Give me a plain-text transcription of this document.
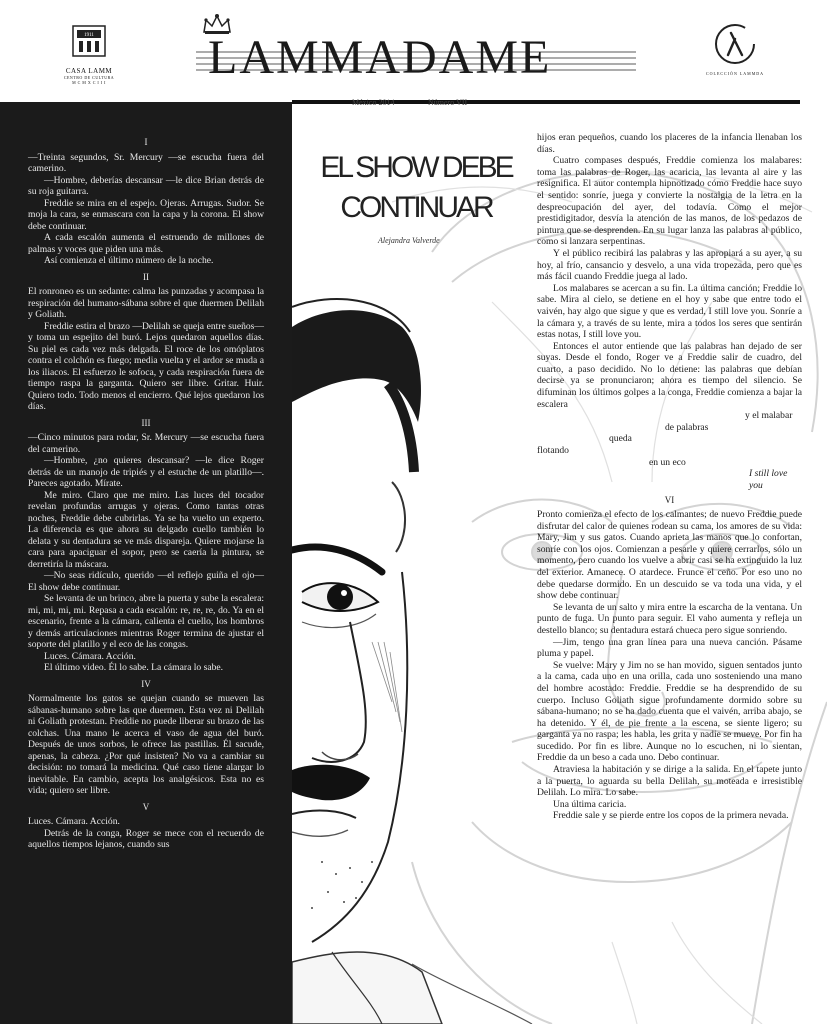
1911
CASA LAMM
CENTRO DE CULTURA
M C M X C I I I	LAMMADAME	COLECCIÓN LAMMDA
México 2014	Número VII

I

—Treinta segundos, Sr. Mercury —se escucha fuera del camerino.

—Hombre, deberías descansar —le dice Brian detrás de su roja guitarra.

Freddie se mira en el espejo. Ojeras. Arrugas. Sudor. Se moja la cara, se enmascara con la capa y la corona. El show debe continuar.

A cada escalón aumenta el estruendo de millones de palmas y voces que piden una más.

Así comienza el último número de la noche.

II

El ronroneo es un sedante: calma las punzadas y acompasa la respiración del humano-sábana sobre el que duermen Delilah y Goliath.

Freddie estira el brazo —Delilah se queja entre sueños— y toma un espejito del buró. Lejos quedaron aquellos días. Su piel es cada vez más delgada. El roce de los omóplatos contra el colchón es fuego; media vuelta y el ardor se muda a los iliacos. El esfuerzo le sofoca, y cada respiración fuera de tiempo raspa la garganta. Quiero ser libre. Gritar. Huir. Quiero todo. Todo menos el encierro. Qué lejos quedaron los días.

III

—Cinco minutos para rodar, Sr. Mercury —se escucha fuera del camerino.

—Hombre, ¿no quieres descansar? —le dice Roger detrás de un manojo de tripiés y el estuche de un platillo—. Pareces agotado. Mírate.

Me miro. Claro que me miro. Las luces del tocador revelan profundas arrugas y ojeras. Como tantas otras noches, Freddie debe cubrirlas. Ya se ha vuelto un experto. La diferencia es que ahora su delgado cuello también lo delata y su dentadura se ve más dispareja. Quiere mojarse la cara para apaciguar el sopor, pero se caería la pintura, se derretiría la máscara.

—No seas ridículo, querido —el reflejo guiña el ojo— El show debe continuar.

Se levanta de un brinco, abre la puerta y sube la escalera: mi, mi, mi, mi. Repasa a cada escalón: re, re, re, do. Ya en el escenario, frente a la cámara, calienta el cuello, los hombros y demás articulaciones mientras Roger termina de ajustar el soporte del platillo y el eco de las congas.

Luces. Cámara. Acción.

El último video. Él lo sabe. La cámara lo sabe.

IV

Normalmente los gatos se quejan cuando se mueven las sábanas-humano sobre las que duermen. Esta vez ni Delilah ni Goliath protestan. Freddie no puede liberar su brazo de las colchas. Una mano le acerca el vaso de agua del buró. Después de unos sorbos, le ofrece las pastillas. Él sacude, apenas, la cabeza. ¿Por qué insisten? No va a cambiar su decisión: no tomará la medicina. Qué caso tiene alargar lo inevitable. En cambio, acepta los analgésicos. Esta no es vida; quiero ser libre.

V

Luces. Cámara. Acción.

Detrás de la conga, Roger se mece con el recuerdo de aquellos tiempos lejanos, cuando sus

EL SHOW DEBE
CONTINUAR
Alejandra Valverde

hijos eran pequeños, cuando los placeres de la infancia llenaban los días.

Cuatro compases después, Freddie comienza los malabares: toma las palabras de Roger, las acaricia, las levanta al aire y las resignifica. El autor contempla hipnotizado cómo Freddie hace suyo el sentido: sonríe, juega y convierte la nostalgia de la letra en la despreocupación del ayer, del todavía. Como el mejor prestidigitador, desvía la atención de las manos, de los pedazos de pintura que se desprenden. En su lugar lanza las palabras al público, como si lanzara serpentinas.

Y el público recibirá las palabras y las apropiará a su ayer, a su hoy, al frío, cansancio y desvelo, a una vida tropezada, pero que es más fácil cuando Freddie juega al lado.

Los malabares se acercan a su fin. La última canción; Freddie lo sabe. Mira al cielo, se detiene en el hoy y sabe que entre todo el vaivén, hay algo que sigue y que es verdad, I still love you. Sonríe a la cámara y, a través de su lente, mira a todos los seres que sentirán estas notas, I still love you.

Entonces el autor entiende que las palabras han dejado de ser suyas. Desde el fondo, Roger ve a Freddie salir de cuadro, del cuarto, a paso decidido. No lo detiene: las palabras que debían decirse ya se pronunciaron; ahora es tiempo del silencio. Se difuminan los últimos golpes a la conga, Freddie comienza a bajar la escalera

y el malabar

de palabras

queda

flotando

en un eco

I still love you

VI

Pronto comienza el efecto de los calmantes; de nuevo Freddie puede disfrutar del calor de quienes rodean su cama, los amores de su vida: Mary, Jim y sus gatos. Cuando aprieta las manos que lo confortan, sonríe con los ojos. Comienzan a pesarle y quiere cerrarlos, sólo un momento, pero cuando los vuelve a abrir casi se ha extinguido la luz del exterior. Amanece. O atardece. Frunce el ceño. Por eso uno no debe quedarse dormido. En un descuido se va toda una vida, y el show debe continuar.

Se levanta de un salto y mira entre la escarcha de la ventana. Un punto de fuga. Un punto para seguir. El vaho aumenta y refleja un destello blanco; su dentadura estará chueca pero sigue sonriendo.

—Jim, tengo una gran línea para una nueva canción. Pásame pluma y papel.

Se vuelve: Mary y Jim no se han movido, siguen sentados junto a la cama, cada uno en una orilla, cada uno sosteniendo una mano del hombre acostado: Freddie. Freddie se ha desprendido de su cuerpo. Incluso Goliath sigue profundamente dormido sobre su sábana-humano; no se ha dado cuenta que el vaivén, arriba abajo, se ha detenido. Y él, de pie frente a la escena, se siente ligero; su garganta ya no raspa; les habla, les grita y nadie se mueve. Por fin ha sucedido. Por fin es libre. Aunque no lo escuchen, ni lo sientan, Freddie da un beso a cada uno. Debo continuar.

Atraviesa la habitación y se dirige a la salida. En el tapete junto a la puerta, lo aguarda su bella Delilah, su moteada e irresistible Delilah. Lo mira. Lo sabe.

Una última caricia.

Freddie sale y se pierde entre los copos de la primera nevada.
